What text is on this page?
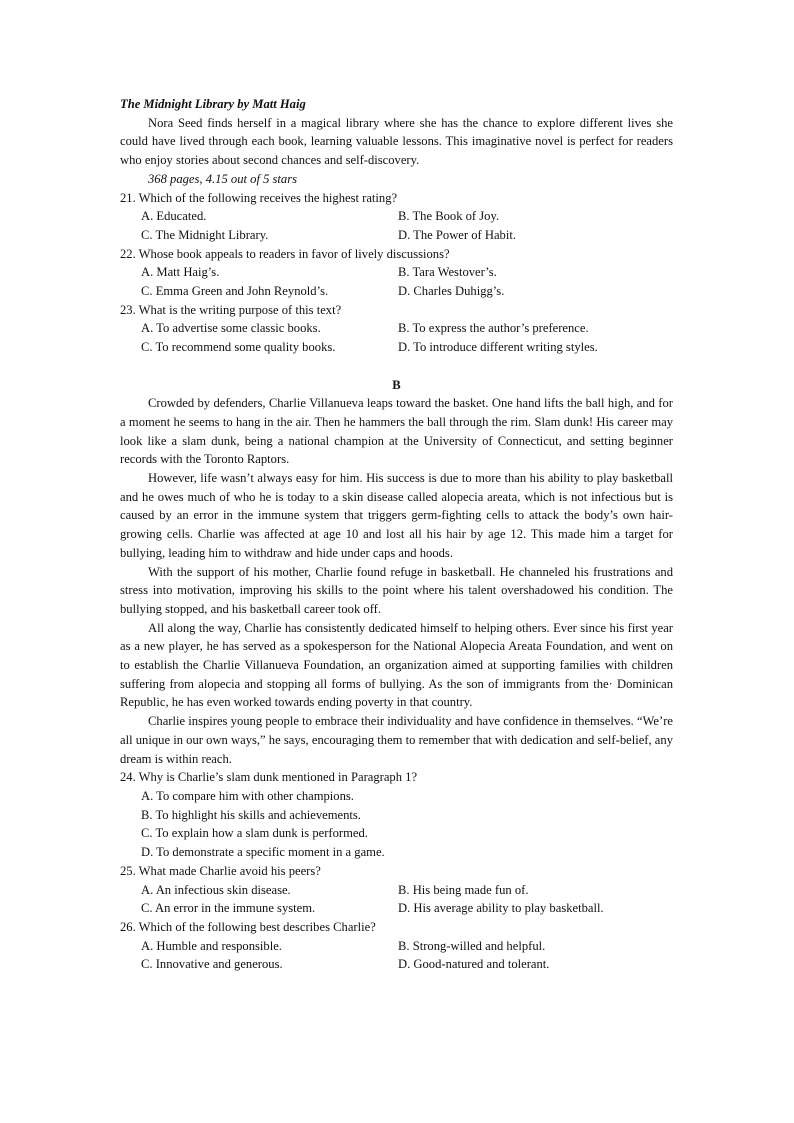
The Midnight Library by Matt Haig

Nora Seed finds herself in a magical library where she has the chance to explore different lives she could have lived through each book, learning valuable lessons. This imaginative novel is perfect for readers who enjoy stories about second chances and self-discovery.

368 pages, 4.15 out of 5 stars

21. Which of the following receives the highest rating?

A. Educated.	B. The Book of Joy.
C. The Midnight Library.	D. The Power of Habit.

22. Whose book appeals to readers in favor of lively discussions?

A. Matt Haig’s.	B. Tara Westover’s.
C. Emma Green and John Reynold’s.	D. Charles Duhigg’s.

23. What is the writing purpose of this text?

A. To advertise some classic books.	B. To express the author’s preference.
C. To recommend some quality books.	D. To introduce different writing styles.
B

Crowded by defenders, Charlie Villanueva leaps toward the basket. One hand lifts the ball high, and for a moment he seems to hang in the air. Then he hammers the ball through the rim. Slam dunk! His career may look like a slam dunk, being a national champion at the University of Connecticut, and setting beginner records with the Toronto Raptors.

However, life wasn’t always easy for him. His success is due to more than his ability to play basketball and he owes much of who he is today to a skin disease called alopecia areata, which is not infectious but is caused by an error in the immune system that triggers germ-fighting cells to attack the body’s own hair-growing cells. Charlie was affected at age 10 and lost all his hair by age 12. This made him a target for bullying, leading him to withdraw and hide under caps and hoods.

With the support of his mother, Charlie found refuge in basketball. He channeled his frustrations and stress into motivation, improving his skills to the point where his talent overshadowed his condition. The bullying stopped, and his basketball career took off.

All along the way, Charlie has consistently dedicated himself to helping others. Ever since his first year as a new player, he has served as a spokesperson for the National Alopecia Areata Foundation, and went on to establish the Charlie Villanueva Foundation, an organization aimed at supporting families with children suffering from alopecia and stopping all forms of bullying. As the son of immigrants from the· Dominican Republic, he has even worked towards ending poverty in that country.

Charlie inspires young people to embrace their individuality and have confidence in themselves. “We’re all unique in our own ways,” he says, encouraging them to remember that with dedication and self-belief, any dream is within reach.

24. Why is Charlie’s slam dunk mentioned in Paragraph 1?

A. To compare him with other champions.
B. To highlight his skills and achievements.
C. To explain how a slam dunk is performed.
D. To demonstrate a specific moment in a game.

25. What made Charlie avoid his peers?

A. An infectious skin disease.	B. His being made fun of.
C. An error in the immune system.	D. His average ability to play basketball.

26. Which of the following best describes Charlie?

A. Humble and responsible.	B. Strong-willed and helpful.
C. Innovative and generous.	D. Good-natured and tolerant.
